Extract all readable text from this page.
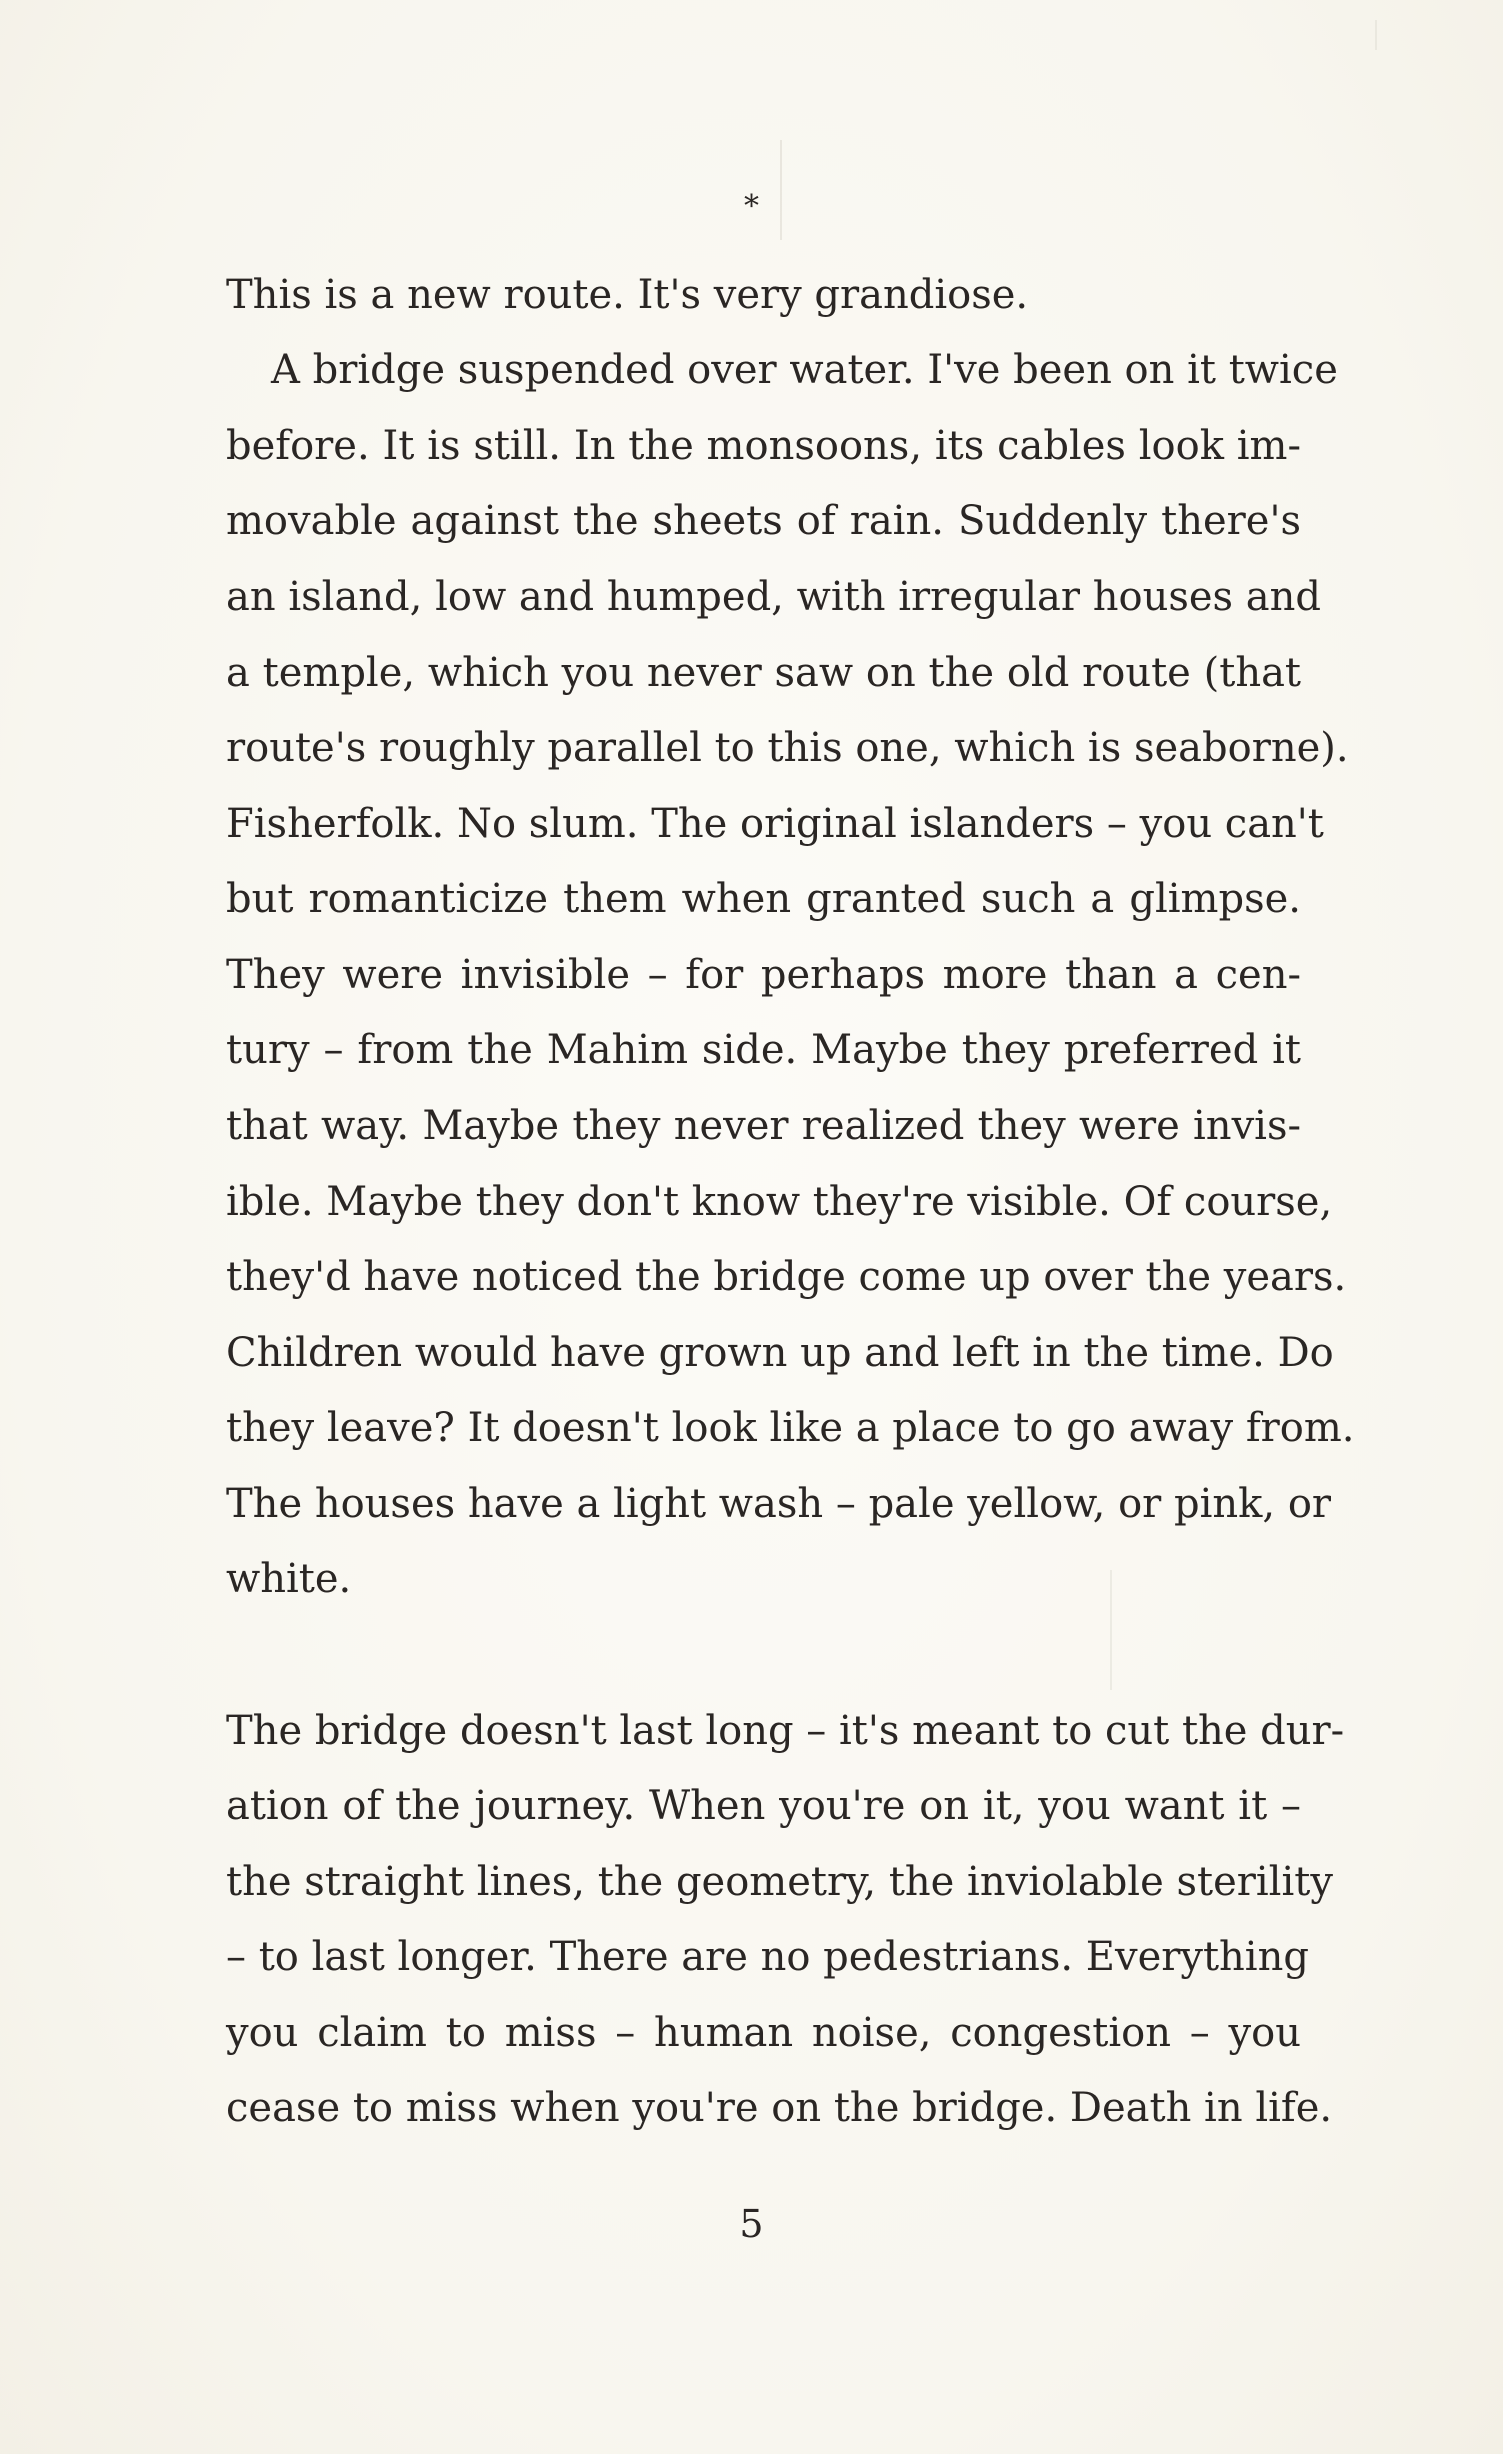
*
This is a new route. It's very grandiose.
A bridge suspended over water. I've been on it twice
before. It is still. In the monsoons, its cables look im-
movable against the sheets of rain. Suddenly there's
an island, low and humped, with irregular houses and
a temple, which you never saw on the old route (that
route's roughly parallel to this one, which is seaborne).
Fisherfolk. No slum. The original islanders – you can't
but romanticize them when granted such a glimpse.
They were invisible – for perhaps more than a cen-
tury – from the Mahim side. Maybe they preferred it
that way. Maybe they never realized they were invis-
ible. Maybe they don't know they're visible. Of course,
they'd have noticed the bridge come up over the years.
Children would have grown up and left in the time. Do
they leave? It doesn't look like a place to go away from.
The houses have a light wash – pale yellow, or pink, or
white.
The bridge doesn't last long – it's meant to cut the dur-
ation of the journey. When you're on it, you want it –
the straight lines, the geometry, the inviolable sterility
– to last longer. There are no pedestrians. Everything
you claim to miss – human noise, congestion – you
cease to miss when you're on the bridge. Death in life.
5
